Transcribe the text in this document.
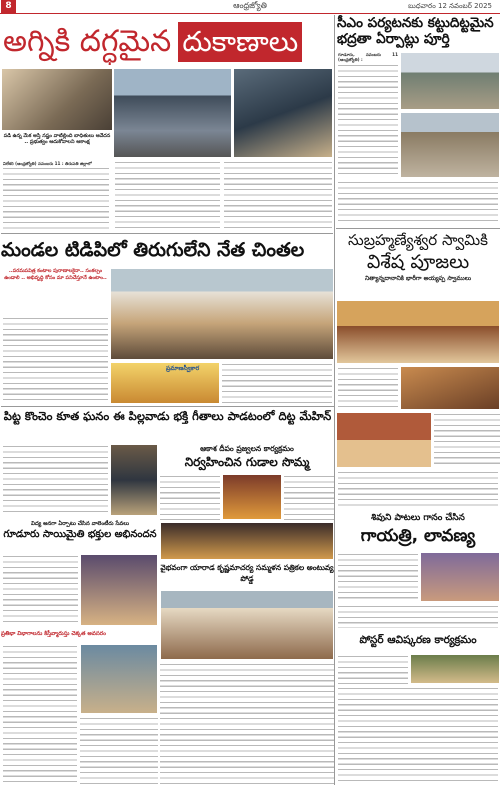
8	ఆంధ్రజ్యోతి	బుధవారం 12 నవంబర్ 2025
అగ్నికి దగ్ధమైన దుకాణాలు
పడి ఉన్న మేక అస్తి నష్టం వాటిల్లింది బాధితులు ఆవేదన .. ప్రభుత్వం ఆదుకోవాలని ఆకాంక్ష
విలేకరి (ఆంధ్రజ్యోతి) నవంబరు 11 : తిరుపతి జిల్లాలో
సీఎం పర్యటనకు కట్టుదిట్టమైన భద్రతా ఏర్పాట్లు పూర్తి
గూడూరు, నవంబరు 11 (ఆంధ్రజ్యోతి) :
సుబ్రహ్మణ్యేశ్వర స్వామికి
విశేష పూజలు
నిత్యాన్నదానానికి భారీగా అయ్యప్ప స్వాములు
శివుని పాటలు గానం చేసిన
గాయత్రి, లావణ్య
పోస్టర్ ఆవిష్కరణ కార్యక్రమం
మండల టిడిపిలో తిరుగులేని నేత చింతల
..పరమపవిత్ర కంటాల పురాణాలకైనా.. సంకల్పం ఉండాలి .. అభివృద్ధి కోసం మా పనిచేస్తూనే ఉంటాం..
ప్రమాణస్వీకార
పిట్ట కొంచెం కూత ఘనం ఈ పిల్లవాడు భక్తి గీతాలు పాడటంలో దిట్ట మేహిన్
ఆకాశ దీపం ప్రజ్వలన కార్యక్రమం
నిర్వహించిన గుడాల సొమ్మ
విద్య అనగా ఏర్పాటు చేసిన వాలెంటీరు సేవలు
గూడూరు సాయిమైతి భక్తుల అభినందన
వైభవంగా యారాడ కృష్ణమాచర్య సమ్మళన పత్రికల అంటువ్య పోడ్డ
ప్రతిభా విభాగాలను కిస్తీవ్మారుస్తు చెక్కత అవసరం
